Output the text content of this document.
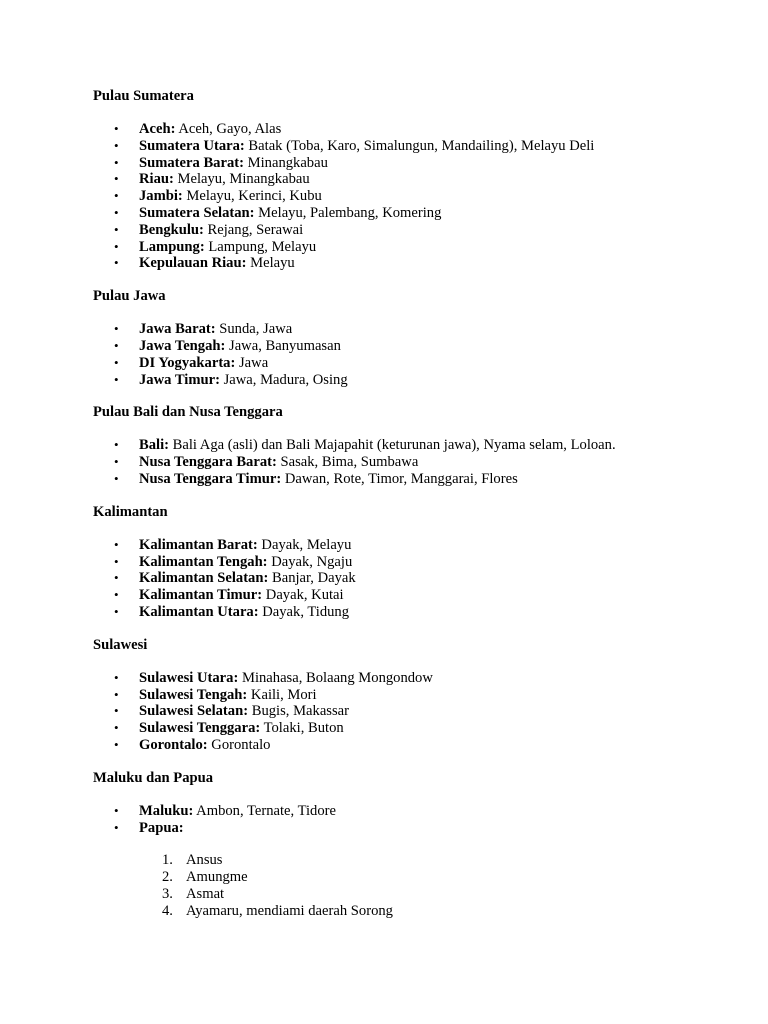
Pulau Sumatera

• Aceh: Aceh, Gayo, Alas
• Sumatera Utara: Batak (Toba, Karo, Simalungun, Mandailing), Melayu Deli
• Sumatera Barat: Minangkabau
• Riau: Melayu, Minangkabau
• Jambi: Melayu, Kerinci, Kubu
• Sumatera Selatan: Melayu, Palembang, Komering
• Bengkulu: Rejang, Serawai
• Lampung: Lampung, Melayu
• Kepulauan Riau: Melayu

Pulau Jawa

• Jawa Barat: Sunda, Jawa
• Jawa Tengah: Jawa, Banyumasan
• DI Yogyakarta: Jawa
• Jawa Timur: Jawa, Madura, Osing

Pulau Bali dan Nusa Tenggara

• Bali: Bali Aga (asli) dan Bali Majapahit (keturunan jawa), Nyama selam, Loloan.
• Nusa Tenggara Barat: Sasak, Bima, Sumbawa
• Nusa Tenggara Timur: Dawan, Rote, Timor, Manggarai, Flores

Kalimantan

• Kalimantan Barat: Dayak, Melayu
• Kalimantan Tengah: Dayak, Ngaju
• Kalimantan Selatan: Banjar, Dayak
• Kalimantan Timur: Dayak, Kutai
• Kalimantan Utara: Dayak, Tidung

Sulawesi

• Sulawesi Utara: Minahasa, Bolaang Mongondow
• Sulawesi Tengah: Kaili, Mori
• Sulawesi Selatan: Bugis, Makassar
• Sulawesi Tenggara: Tolaki, Buton
• Gorontalo: Gorontalo

Maluku dan Papua

• Maluku: Ambon, Ternate, Tidore
• Papua:
1. Ansus
2. Amungme
3. Asmat
4. Ayamaru, mendiami daerah Sorong
